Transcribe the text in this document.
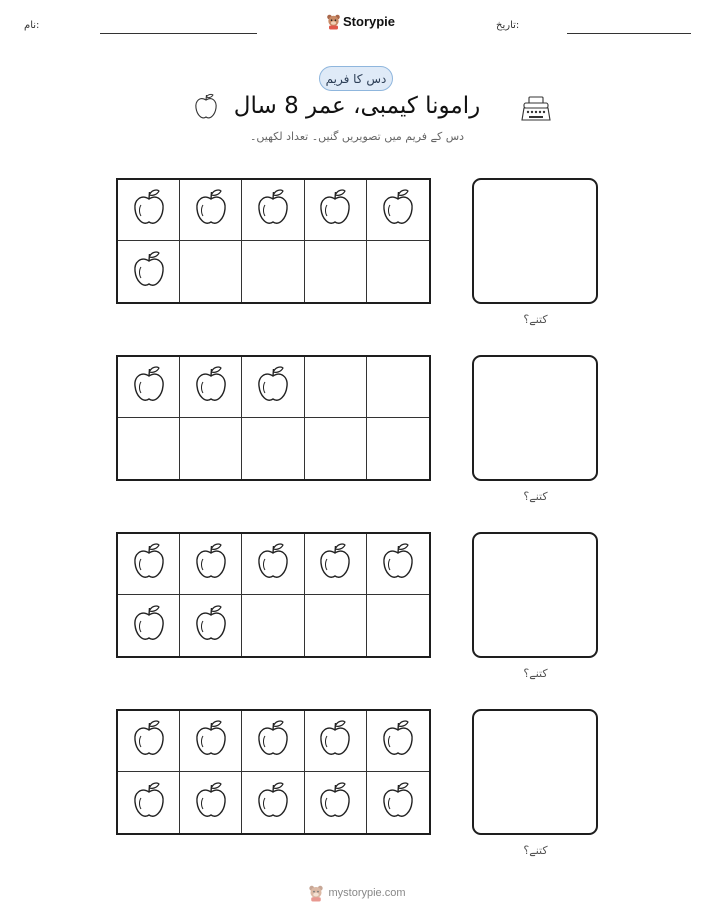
نام:	Storypie	تاریخ:
دس کا فریم
رامونا کیمبی، عمر 8 سال
دس کے فریم میں تصویریں گنیں۔ تعداد لکھیں۔
کتنے؟
کتنے؟
کتنے؟
کتنے؟
mystorypie.com
